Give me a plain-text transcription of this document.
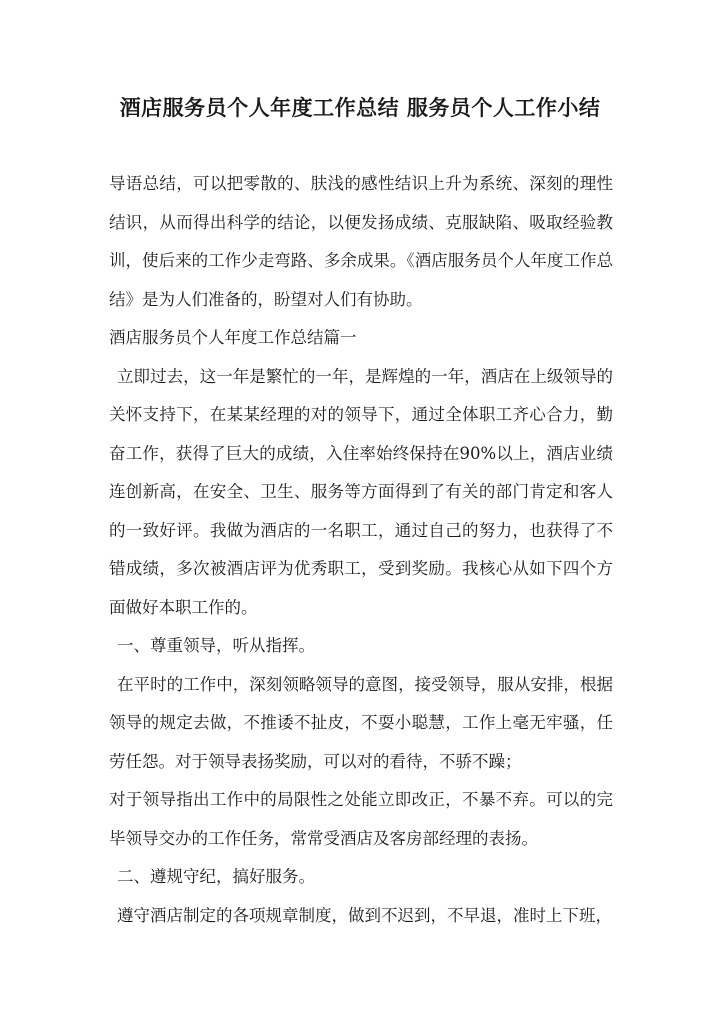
酒店服务员个人年度工作总结 服务员个人工作小结

导语总结，可以把零散的、肤浅的感性结识上升为系统、深刻的理性结识，从而得出科学的结论，以便发扬成绩、克服缺陷、吸取经验教训，使后来的工作少走弯路、多余成果。《酒店服务员个人年度工作总结》是为人们准备的，盼望对人们有协助。

酒店服务员个人年度工作总结篇一

立即过去，这一年是繁忙的一年，是辉煌的一年，酒店在上级领导的关怀支持下，在某某经理的对的领导下，通过全体职工齐心合力，勤奋工作，获得了巨大的成绩，入住率始终保持在90%以上，酒店业绩连创新高，在安全、卫生、服务等方面得到了有关的部门肯定和客人的一致好评。我做为酒店的一名职工，通过自己的努力，也获得了不错成绩，多次被酒店评为优秀职工，受到奖励。我核心从如下四个方面做好本职工作的。

一、尊重领导，听从指挥。

在平时的工作中，深刻领略领导的意图，接受领导，服从安排，根据领导的规定去做，不推诿不扯皮，不耍小聪慧，工作上毫无牢骚，任劳任怨。对于领导表扬奖励，可以对的看待，不骄不躁；

对于领导指出工作中的局限性之处能立即改正，不暴不弃。可以的完毕领导交办的工作任务，常常受酒店及客房部经理的表扬。

二、遵规守纪，搞好服务。

遵守酒店制定的各项规章制度，做到不迟到，不早退，准时上下班，
